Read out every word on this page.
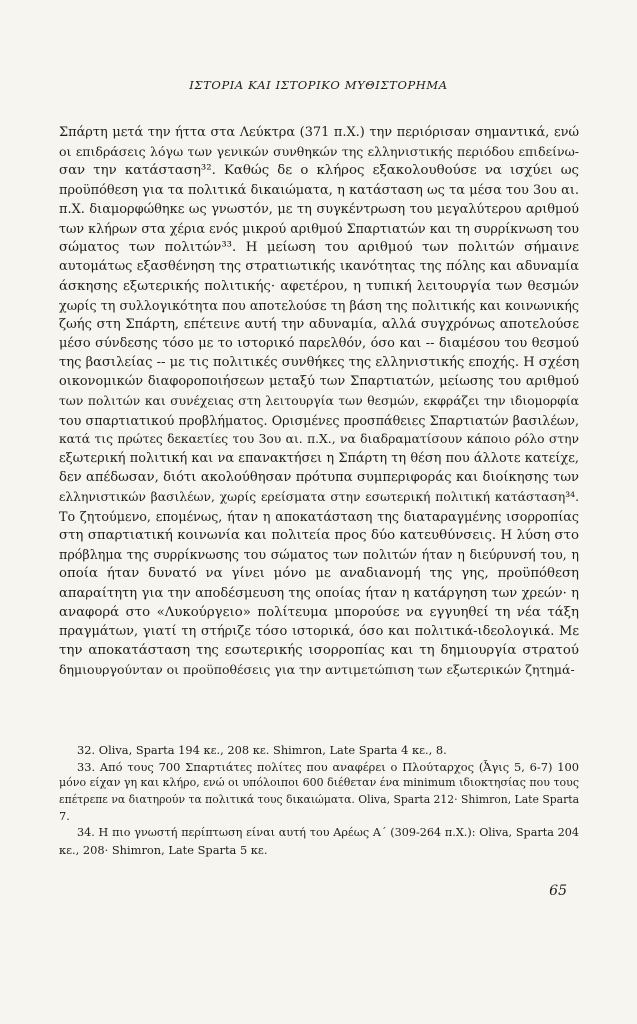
ΙΣΤΟΡΙΑ ΚΑΙ ΙΣΤΟΡΙΚΟ ΜΥΘΙΣΤΟΡΗΜΑ
Σπάρτη μετά την ήττα στα Λεύκτρα (371 π.Χ.) την περιόρισαν σημαντικά, ενώ
οι επιδράσεις λόγω των γενικών συνθηκών της ελληνιστικής περιόδου επιδείνω-
σαν την κατάσταση³². Καθώς δε ο κλήρος εξακολουθούσε να ισχύει ως
προϋπόθεση για τα πολιτικά δικαιώματα, η κατάσταση ως τα μέσα του 3ου αι.
π.Χ. διαμορφώθηκε ως γνωστόν, με τη συγκέντρωση του μεγαλύτερου αριθμού
των κλήρων στα χέρια ενός μικρού αριθμού Σπαρτιατών και τη συρρίκνωση του
σώματος των πολιτών³³. Η μείωση του αριθμού των πολιτών σήμαινε
αυτομάτως εξασθένηση της στρατιωτικής ικανότητας της πόλης και αδυναμία
άσκησης εξωτερικής πολιτικής· αφετέρου, η τυπική λειτουργία των θεσμών
χωρίς τη συλλογικότητα που αποτελούσε τη βάση της πολιτικής και κοινωνικής
ζωής στη Σπάρτη, επέτεινε αυτή την αδυναμία, αλλά συγχρόνως αποτελούσε
μέσο σύνδεσης τόσο με το ιστορικό παρελθόν, όσο και -- διαμέσου του θεσμού
της βασιλείας -- με τις πολιτικές συνθήκες της ελληνιστικής εποχής. Η σχέση
οικονομικών διαφοροποιήσεων μεταξύ των Σπαρτιατών, μείωσης του αριθμού
των πολιτών και συνέχειας στη λειτουργία των θεσμών, εκφράζει την ιδιομορφία
του σπαρτιατικού προβλήματος. Ορισμένες προσπάθειες Σπαρτιατών βασιλέων,
κατά τις πρώτες δεκαετίες του 3ου αι. π.Χ., να διαδραματίσουν κάποιο ρόλο στην
εξωτερική πολιτική και να επανακτήσει η Σπάρτη τη θέση που άλλοτε κατείχε,
δεν απέδωσαν, διότι ακολούθησαν πρότυπα συμπεριφοράς και διοίκησης των
ελληνιστικών βασιλέων, χωρίς ερείσματα στην εσωτερική πολιτική κατάσταση³⁴.
Το ζητούμενο, επομένως, ήταν η αποκατάσταση της διαταραγμένης ισορροπίας
στη σπαρτιατική κοινωνία και πολιτεία προς δύο κατευθύνσεις. Η λύση στο
πρόβλημα της συρρίκνωσης του σώματος των πολιτών ήταν η διεύρυνσή του, η
οποία ήταν δυνατό να γίνει μόνο με αναδιανομή της γης, προϋπόθεση
απαραίτητη για την αποδέσμευση της οποίας ήταν η κατάργηση των χρεών· η
αναφορά στο «Λυκούργειο» πολίτευμα μπορούσε να εγγυηθεί τη νέα τάξη
πραγμάτων, γιατί τη στήριζε τόσο ιστορικά, όσο και πολιτικά-ιδεολογικά. Με
την αποκατάσταση της εσωτερικής ισορροπίας και τη δημιουργία στρατού
δημιουργούνταν οι προϋποθέσεις για την αντιμετώπιση των εξωτερικών ζητημά-
32. Oliva, Sparta 194 κε., 208 κε. Shimron, Late Sparta 4 κε., 8.
33. Από τους 700 Σπαρτιάτες πολίτες που αναφέρει ο Πλούταρχος (Ἆγις 5, 6-7) 100
μόνο είχαν γη και κλήρο, ενώ οι υπόλοιποι 600 διέθεταν ένα minimum ιδιοκτησίας που τους
επέτρεπε να διατηρούν τα πολιτικά τους δικαιώματα. Oliva, Sparta 212· Shimron, Late Sparta
7.
34. Η πιο γνωστή περίπτωση είναι αυτή του Αρέως Α΄ (309-264 π.Χ.): Oliva, Sparta 204
κε., 208· Shimron, Late Sparta 5 κε.
65
